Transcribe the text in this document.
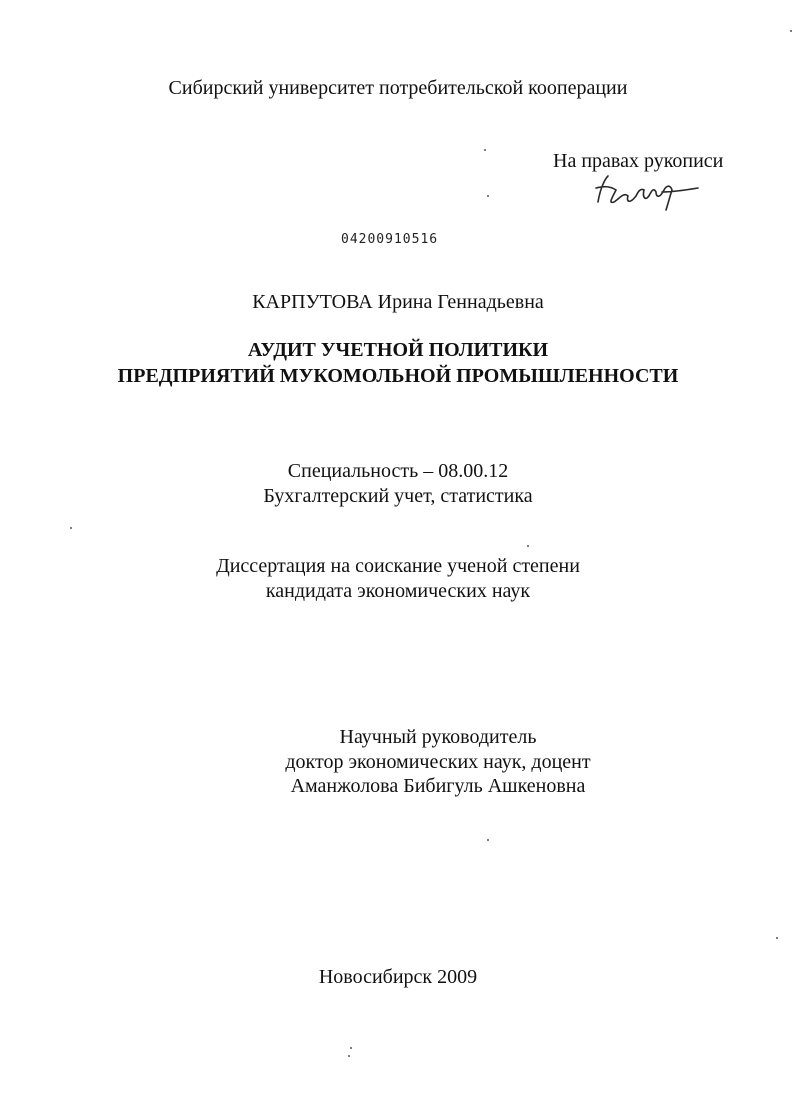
Сибирский университет потребительской кооперации
На правах рукописи
04200910516
КАРПУТОВА Ирина Геннадьевна
АУДИТ УЧЕТНОЙ ПОЛИТИКИ
ПРЕДПРИЯТИЙ МУКОМОЛЬНОЙ ПРОМЫШЛЕННОСТИ
Специальность – 08.00.12
Бухгалтерский учет, статистика
Диссертация на соискание ученой степени
кандидата экономических наук
Научный руководитель
доктор экономических наук, доцент
Аманжолова Бибигуль Ашкеновна
Новосибирск 2009
